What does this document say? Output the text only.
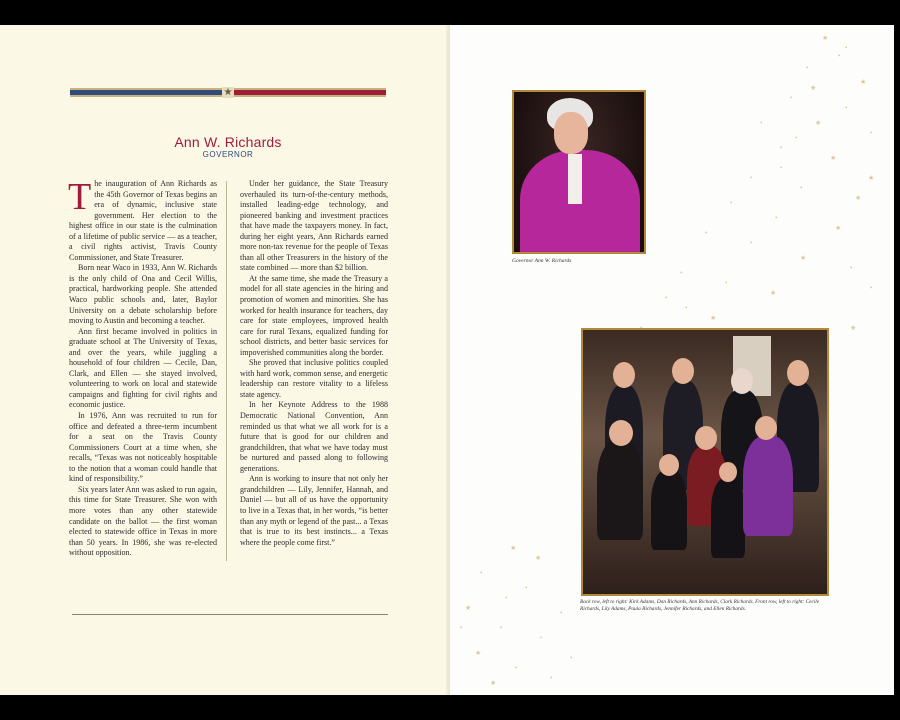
★
Ann W. Richards
GOVERNOR

The inauguration of Ann Richards as the 45th Governor of Texas begins an era of dynamic, inclusive state government. Her election to the highest office in our state is the culmination of a lifetime of public service — as a teacher, a civil rights activist, Travis County Commissioner, and State Treasurer.

Born near Waco in 1933, Ann W. Richards is the only child of Ona and Cecil Willis, practical, hardworking people. She attended Waco public schools and, later, Baylor University on a debate scholarship before moving to Austin and becoming a teacher.

Ann first became involved in politics in graduate school at The University of Texas, and over the years, while juggling a household of four children — Cecile, Dan, Clark, and Ellen — she stayed involved, volunteering to work on local and statewide campaigns and fighting for civil rights and economic justice.

In 1976, Ann was recruited to run for office and defeated a three-term incumbent for a seat on the Travis County Commissioners Court at a time when, she recalls, “Texas was not noticeably hospitable to the notion that a woman could handle that kind of responsibility.”

Six years later Ann was asked to run again, this time for State Treasurer. She won with more votes than any other statewide candidate on the ballot — the first woman elected to statewide office in Texas in more than 50 years. In 1986, she was re-elected without opposition.

Under her guidance, the State Treasury overhauled its turn-of-the-century methods, installed leading-edge technology, and pioneered banking and investment practices that have made the taxpayers money. In fact, during her eight years, Ann Richards earned more non-tax revenue for the people of Texas than all other Treasurers in the history of the state combined — more than $2 billion.

At the same time, she made the Treasury a model for all state agencies in the hiring and promotion of women and minorities. She has worked for health insurance for teachers, day care for state employees, improved health care for rural Texans, equalized funding for school districts, and better basic services for impoverished communities along the border.

She proved that inclusive politics coupled with hard work, common sense, and energetic leadership can restore vitality to a lifeless state agency.

In her Keynote Address to the 1988 Democratic National Convention, Ann reminded us that what we all work for is a future that is good for our children and grandchildren, that what we have today must be nurtured and passed along to following generations.

Ann is working to insure that not only her grandchildren — Lily, Jennifer, Hannah, and Daniel — but all of us have the opportunity to live in a Texas that, in her words, “is better than any myth or legend of the past... a Texas that is true to its best instincts... a Texas where the people come first.”

★
•
•
★
•
•
★
•
•
★
•
•
★
•
•
★
•
•
★
•
•
★
•
•
★
•
★
•
•
★
•
•
★
•
•
★
•
•
★
•
•
★
•
•
★
•
•
★
•
Governor Ann W. Richards
Back row, left to right: Kirk Adams, Dan Richards, Ann Richards, Clark Richards. Front row, left to right: Cecile Richards, Lily Adams, Paula Richards, Jennifer Richards, and Ellen Richards.
